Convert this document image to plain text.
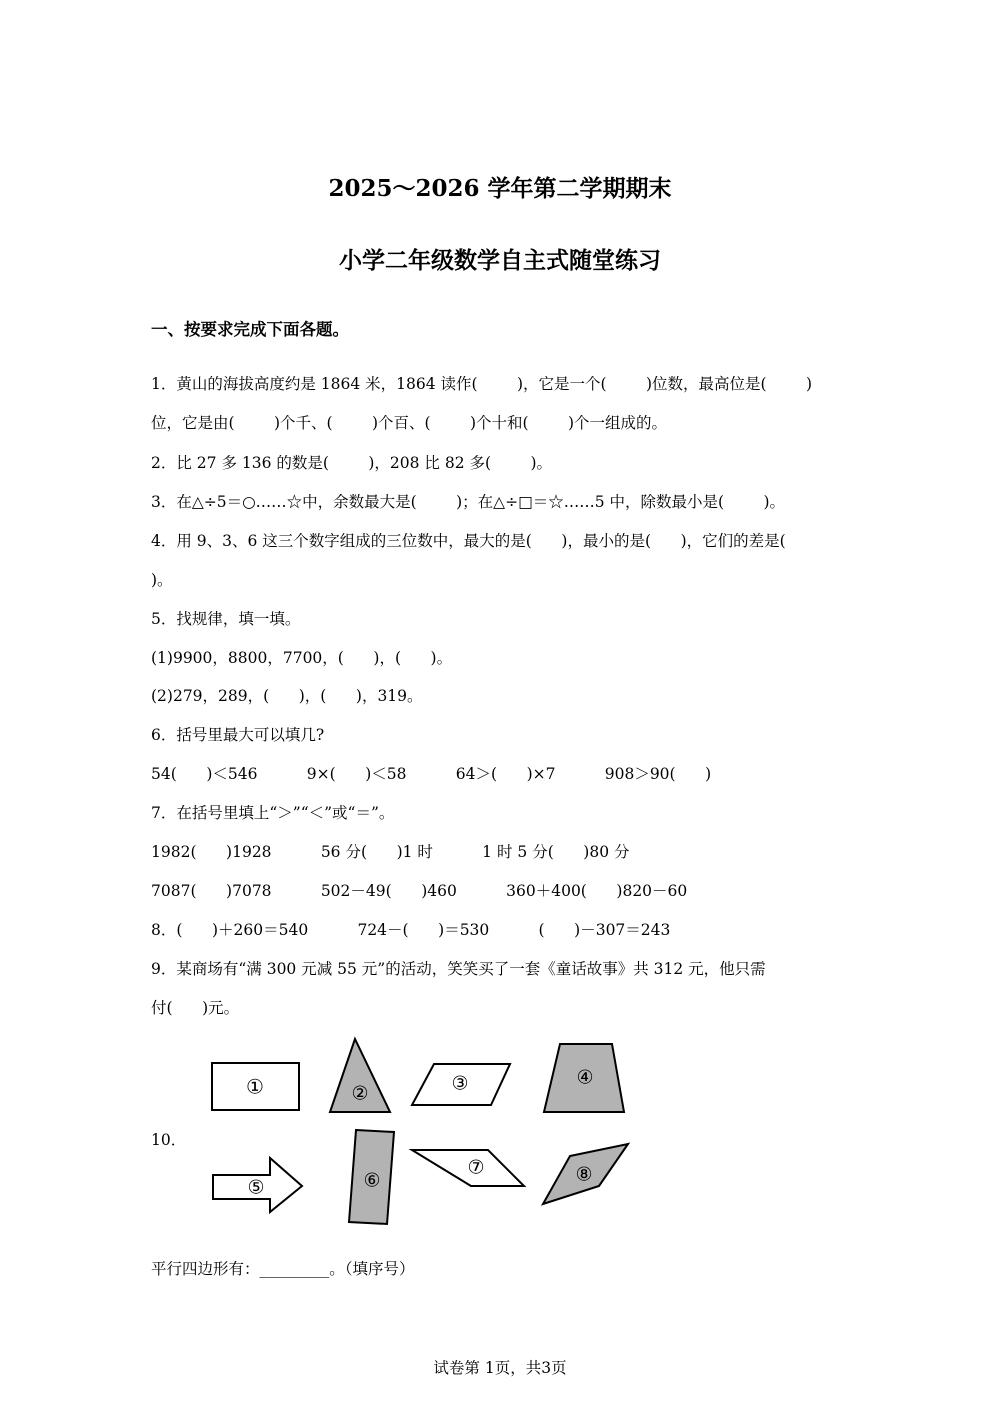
2025～2026 学年第二学期期末
小学二年级数学自主式随堂练习
一、按要求完成下面各题。
1．黄山的海拔高度约是 1864 米，1864 读作(        )，它是一个(        )位数，最高位是(        )
位，它是由(        )个千、(        )个百、(        )个十和(        )个一组成的。
2．比 27 多 136 的数是(        )，208 比 82 多(        )。
3．在△÷5＝○……☆中，余数最大是(        )；在△÷□＝☆……5 中，除数最小是(        )。
4．用 9、3、6 这三个数字组成的三位数中，最大的是(      )，最小的是(      )，它们的差是(
)。
5．找规律，填一填。
(1)9900，8800，7700，(      )，(      )。
(2)279，289，(      )，(      )，319。
6．括号里最大可以填几?
54(      )＜546          9×(      )＜58          64＞(      )×7          908＞90(      )
7．在括号里填上“＞”“＜”或“＝”。
1982(      )1928          56 分(      )1 时          1 时 5 分(      )80 分
7087(      )7078          502－49(      )460          360＋400(      )820－60
8．(      )＋260＝540          724－(      )＝530          (      )－307＝243
9．某商场有“满 300 元减 55 元”的活动，笑笑买了一套《童话故事》共 312 元，他只需
付(      )元。
10．
①	②	③	④
⑤	⑥
⑦	⑧
平行四边形有：_________。（填序号）
试卷第 1页，共3页
